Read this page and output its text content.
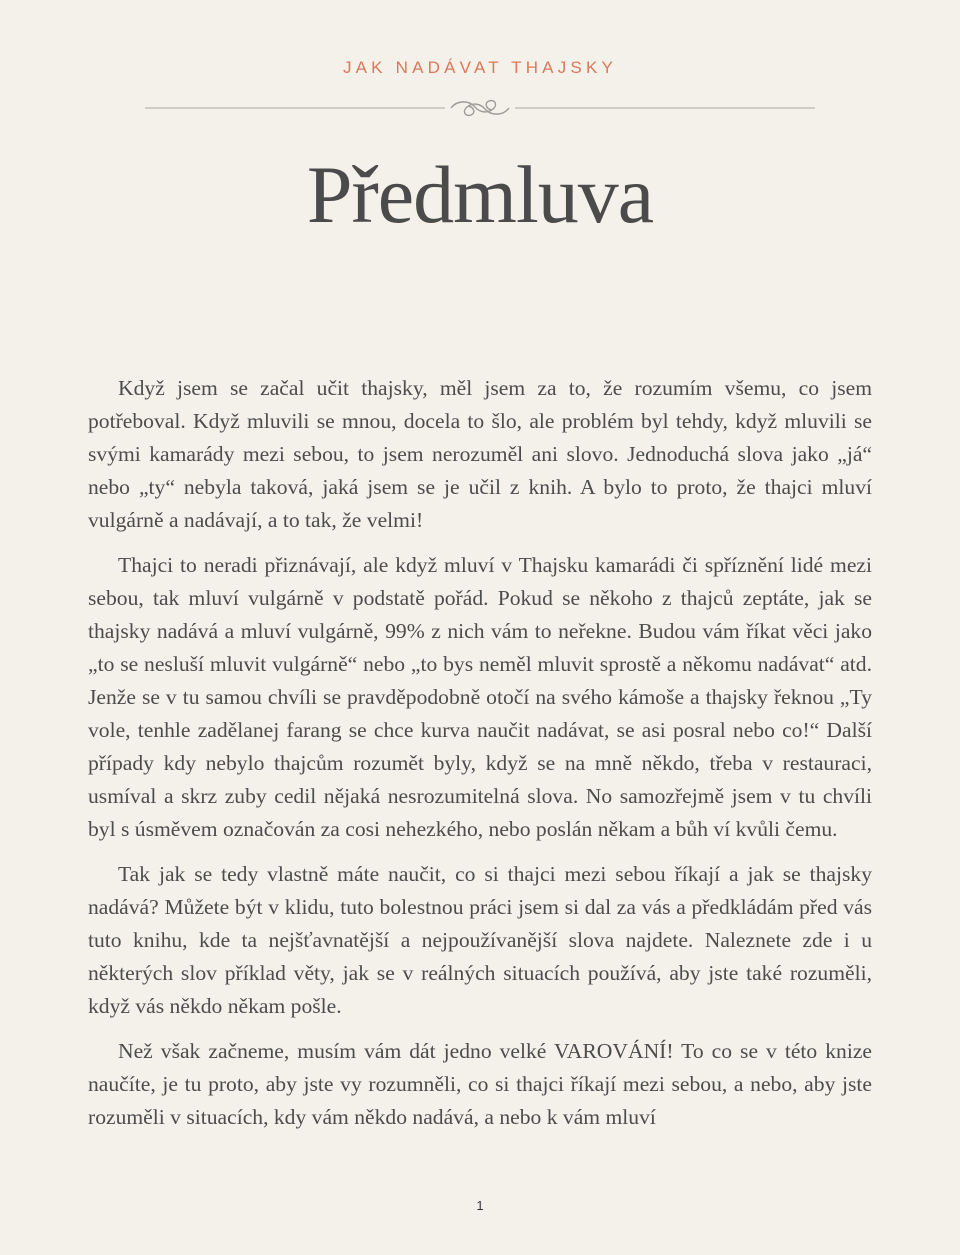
JAK NADÁVAT THAJSKY
Předmluva

Když jsem se začal učit thajsky, měl jsem za to, že rozumím všemu, co jsem potřeboval. Když mluvili se mnou, docela to šlo, ale problém byl tehdy, když mluvili se svými kamarády mezi sebou, to jsem nerozuměl ani slovo. Jednoduchá slova jako „já“ nebo „ty“ nebyla taková, jaká jsem se je učil z knih. A bylo to proto, že thajci mluví vulgárně a nadávají, a to tak, že velmi!

Thajci to neradi přiznávají, ale když mluví v Thajsku kamarádi či spříznění lidé mezi sebou, tak mluví vulgárně v podstatě pořád. Pokud se někoho z thajců zeptáte, jak se thajsky nadává a mluví vulgárně, 99% z nich vám to neřekne. Budou vám říkat věci jako „to se nesluší mluvit vulgárně“ nebo „to bys neměl mluvit sprostě a někomu nadávat“ atd. Jenže se v tu samou chvíli se pravděpodobně otočí na svého kámoše a thajsky řeknou „Ty vole, tenhle zadělanej farang se chce kurva naučit nadávat, se asi posral nebo co!“ Další případy kdy nebylo thajcům rozumět byly, když se na mně někdo, třeba v restauraci, usmíval a skrz zuby cedil nějaká nesrozumitelná slova. No samozřejmě jsem v tu chvíli byl s úsměvem označován za cosi nehezkého, nebo poslán někam a bůh ví kvůli čemu.

Tak jak se tedy vlastně máte naučit, co si thajci mezi sebou říkají a jak se thajsky nadává? Můžete být v klidu, tuto bolestnou práci jsem si dal za vás a předkládám před vás tuto knihu, kde ta nejšťavnatější a nejpoužívanější slova najdete. Naleznete zde i u některých slov příklad věty, jak se v reálných situacích používá, aby jste také rozuměli, když vás někdo někam pošle.

Než však začneme, musím vám dát jedno velké VAROVÁNÍ! To co se v této knize naučíte, je tu proto, aby jste vy rozumněli, co si thajci říkají mezi sebou, a nebo, aby jste rozuměli v situacích, kdy vám někdo nadává, a nebo k vám mluví

1
